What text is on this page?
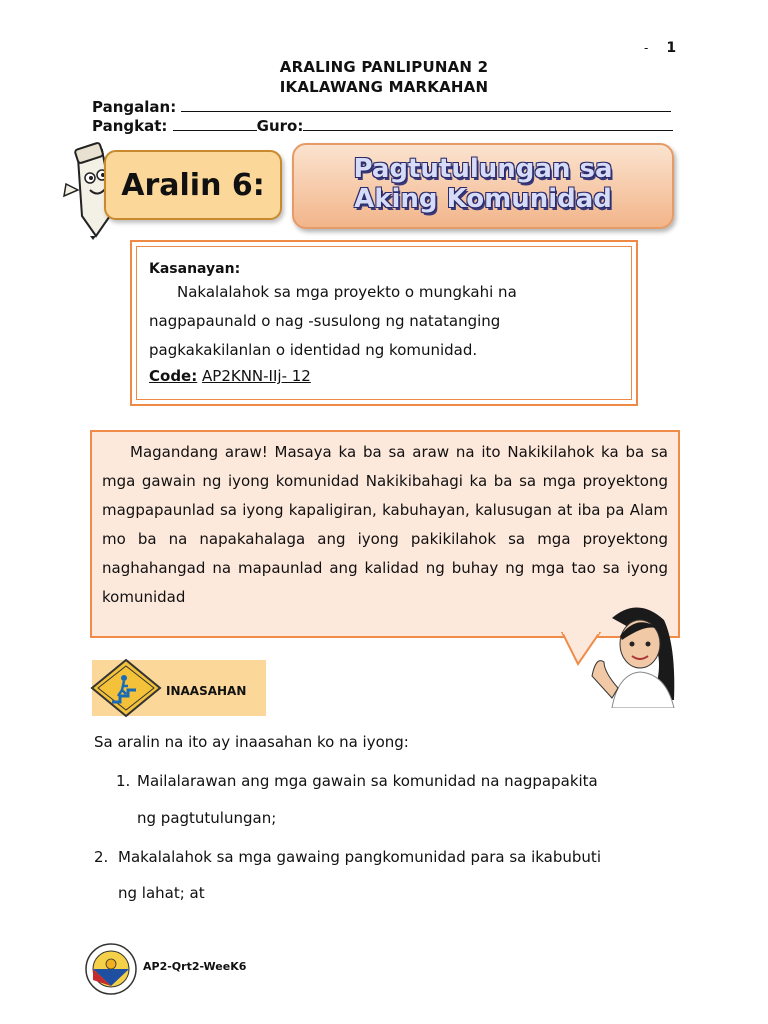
- 1
ARALING PANLIPUNAN 2
IKALAWANG MARKAHAN
Pangalan:
Pangkat:	Guro:
Aralin 6:	Pagtutulungan sa
Aking Komunidad
Kasanayan:
Nakalalahok sa mga proyekto o mungkahi na
nagpapaunald o nag -susulong ng natatanging
pagkakakilanlan o identidad ng komunidad.
Code: AP2KNN-IIj- 12
Magandang araw! Masaya ka ba sa araw na ito Nakikilahok ka ba sa mga gawain ng iyong komunidad Nakikibahagi ka ba sa mga proyektong magpapaunlad sa iyong kapaligiran, kabuhayan, kalusugan at iba pa Alam mo ba na napakahalaga ang iyong pakikilahok sa mga proyektong naghahangad na mapaunlad ang kalidad ng buhay ng mga tao sa iyong komunidad
INAASAHAN
Sa aralin na ito ay inaasahan ko na iyong:
1. Mailalarawan ang mga gawain sa komunidad na nagpapakita
ng pagtutulungan;
2. Makalalahok sa mga gawaing pangkomunidad para sa ikabubuti
ng lahat; at
AP2-Qrt2-WeeK6
